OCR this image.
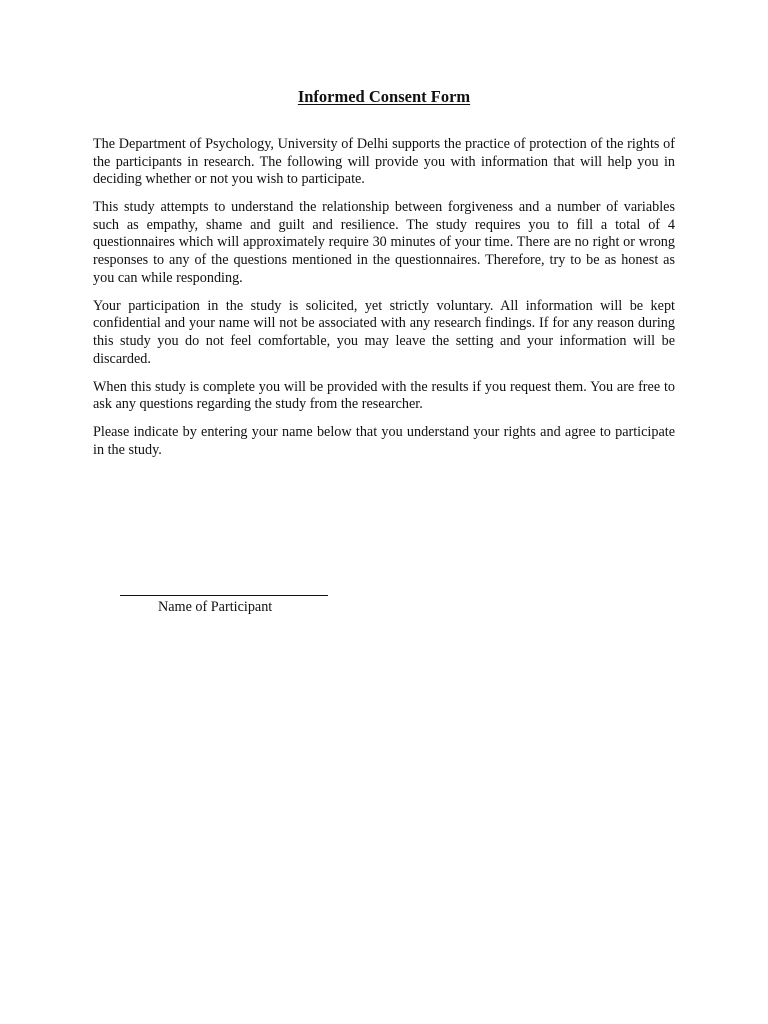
Informed Consent Form

The Department of Psychology, University of Delhi supports the practice of protection of the rights of the participants in research. The following will provide you with information that will help you in deciding whether or not you wish to participate.

This study attempts to understand the relationship between forgiveness and a number of variables such as empathy, shame and guilt and resilience. The study requires you to fill a total of 4 questionnaires which will approximately require 30 minutes of your time. There are no right or wrong responses to any of the questions mentioned in the questionnaires. Therefore, try to be as honest as you can while responding.

Your participation in the study is solicited, yet strictly voluntary. All information will be kept confidential and your name will not be associated with any research findings. If for any reason during this study you do not feel comfortable, you may leave the setting and your information will be discarded.

When this study is complete you will be provided with the results if you request them. You are free to ask any questions regarding the study from the researcher.

Please indicate by entering your name below that you understand your rights and agree to participate in the study.

Name of Participant
